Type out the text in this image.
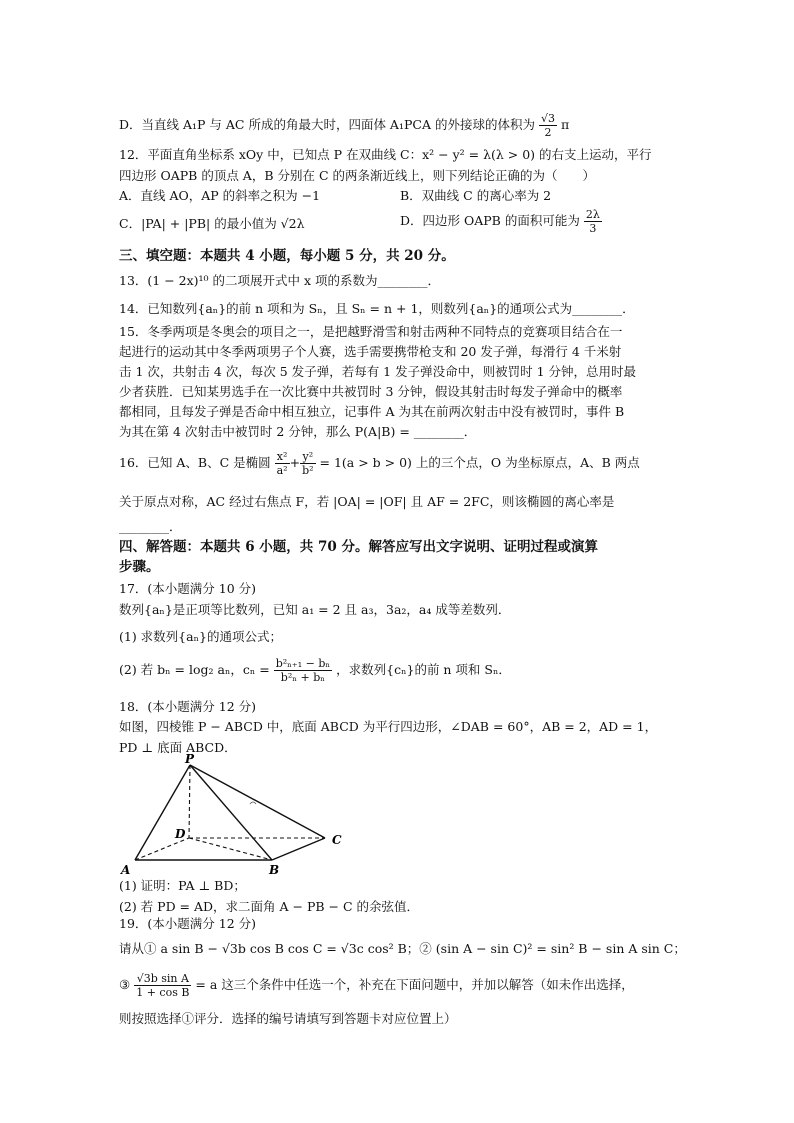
D．当直线 A₁P 与 AC 所成的角最大时，四面体 A₁PCA 的外接球的体积为 $\frac{√3}{2}$ π
12．平面直角坐标系 xOy 中，已知点 P 在双曲线 C：x² − y² = λ(λ > 0) 的右支上运动，平行
四边形 OAPB 的顶点 A，B 分别在 C 的两条渐近线上，则下列结论正确的为（　　）
A．直线 AO，AP 的斜率之积为 −1	B．双曲线 C 的离心率为 2
C．|PA| + |PB| 的最小值为 √2λ	D．四边形 OAPB 的面积可能为 $\frac{2\lambda}{3}$
三、填空题：本题共 4 小题，每小题 5 分，共 20 分。
13．(1 − 2x)¹⁰ 的二项展开式中 x 项的系数为________．
14．已知数列{aₙ}的前 n 项和为 Sₙ，且 Sₙ = n + 1，则数列{aₙ}的通项公式为________．
15．冬季两项是冬奥会的项目之一，是把越野滑雪和射击两种不同特点的竞赛项目结合在一
起进行的运动其中冬季两项男子个人赛，选手需要携带枪支和 20 发子弹，每滑行 4 千米射
击 1 次，共射击 4 次，每次 5 发子弹，若每有 1 发子弹没命中，则被罚时 1 分钟，总用时最
少者获胜．已知某男选手在一次比赛中共被罚时 3 分钟，假设其射击时每发子弹命中的概率
都相同，且每发子弹是否命中相互独立，记事件 A 为其在前两次射击中没有被罚时，事件 B
为其在第 4 次射击中被罚时 2 分钟，那么 P(A|B) = ________．
16．已知 A、B、C 是椭圆 $\frac{\text{x²}}{\text{a²}} + \frac{\text{y²}}{\text{b²}} = 1(a > b > 0)$ 上的三个点，O 为坐标原点，A、B 两点
关于原点对称，AC 经过右焦点 F，若 |OA| = |OF| 且 AF = 2FC，则该椭圆的离心率是
________．
四、解答题：本题共 6 小题，共 70 分。解答应写出文字说明、证明过程或演算
步骤。
17．(本小题满分 10 分)
数列{aₙ}是正项等比数列，已知 a₁ = 2 且 a₃，3a₂，a₄ 成等差数列．
(1) 求数列{aₙ}的通项公式；
(2) 若 bₙ = log₂ aₙ，$c_n = \frac{\text{b²ₙ₊₁ − bₙ}}{\text{b²ₙ + bₙ}}$ ，求数列{cₙ}的前 n 项和 Sₙ．
18．(本小题满分 12 分)
如图，四棱锥 P − ABCD 中，底面 ABCD 为平行四边形，∠DAB = 60°，AB = 2，AD = 1，
PD ⊥ 底面 ABCD．
P
D	C
A	B
(1) 证明：PA ⊥ BD；
(2) 若 PD = AD，求二面角 A − PB − C 的余弦值．
19．(本小题满分 12 分)
请从① a sin B − √3b cos B cos C = √3c cos² B；② (sin A − sin C)² = sin² B − sin A sin C；
③ $\frac{\text{√3b sin A}}{\text{1 + cos B}} = a$ 这三个条件中任选一个，补充在下面问题中，并加以解答（如未作出选择，
则按照选择①评分．选择的编号请填写到答题卡对应位置上）
